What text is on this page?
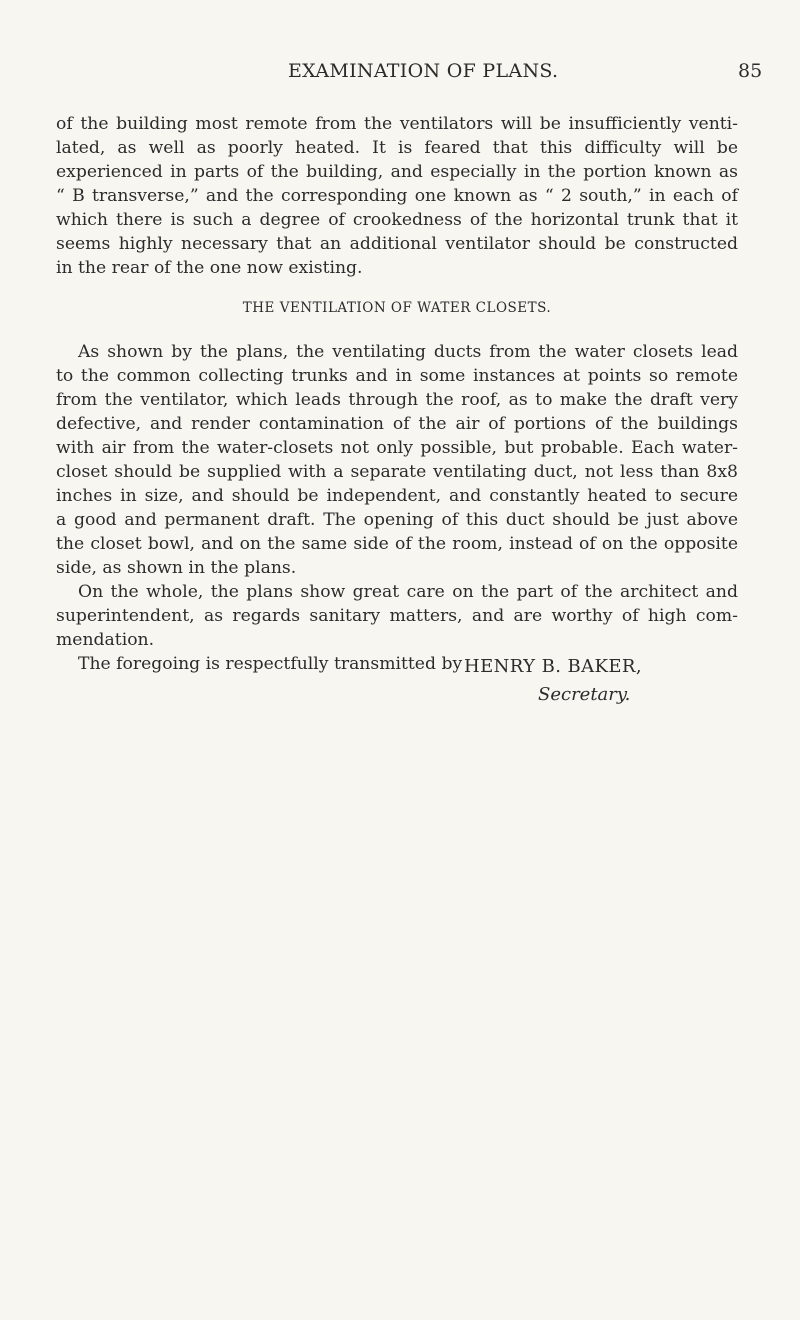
EXAMINATION OF PLANS.	85
of the building most remote from the ventilators will be insufficiently venti-
lated, as well as poorly heated. It is feared that this difficulty will be
experienced in parts of the building, and especially in the portion known as
“ B transverse,” and the corresponding one known as “ 2 south,” in each of
which there is such a degree of crookedness of the horizontal trunk that it
seems highly necessary that an additional ventilator should be constructed
in the rear of the one now existing.
THE VENTILATION OF WATER CLOSETS.
As shown by the plans, the ventilating ducts from the water closets lead
to the common collecting trunks and in some instances at points so remote
from the ventilator, which leads through the roof, as to make the draft very
defective, and render contamination of the air of portions of the buildings
with air from the water-closets not only possible, but probable. Each water-
closet should be supplied with a separate ventilating duct, not less than 8x8
inches in size, and should be independent, and constantly heated to secure
a good and permanent draft. The opening of this duct should be just above
the closet bowl, and on the same side of the room, instead of on the opposite
side, as shown in the plans.
On the whole, the plans show great care on the part of the architect and
superintendent, as regards sanitary matters, and are worthy of high com-
mendation.
The foregoing is respectfully transmitted by HENRY B. BAKER,
Secretary.
